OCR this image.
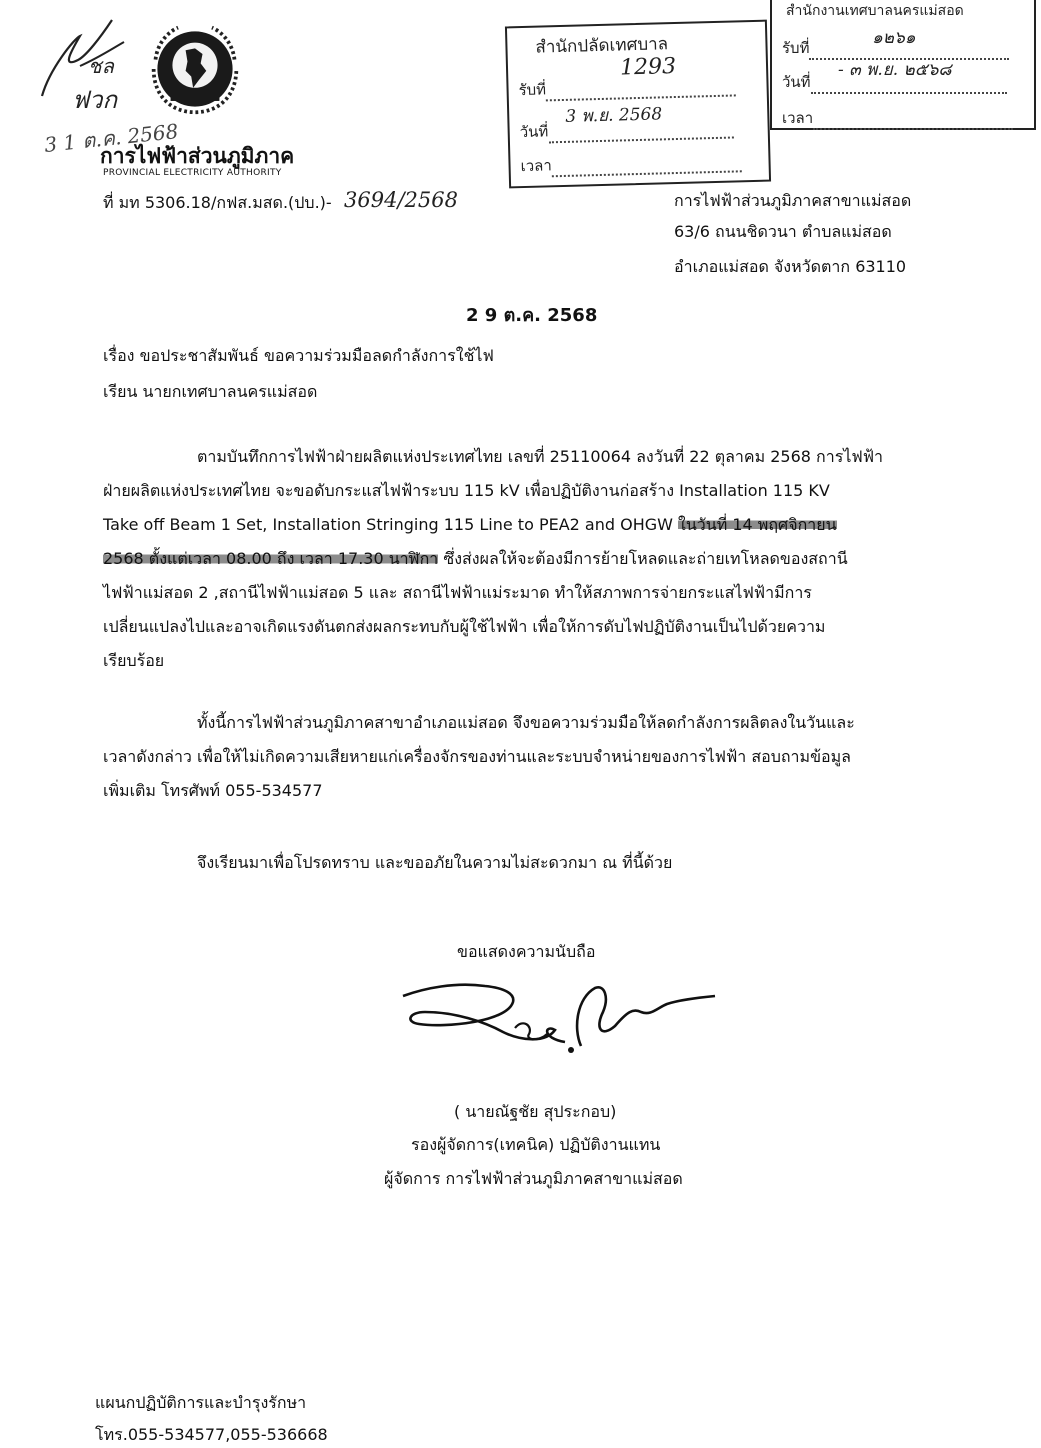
ชล
ฟวก
3 1 ต.ค. 2568
การไฟฟ้าส่วนภูมิภาค
PROVINCIAL ELECTRICITY AUTHORITY
ที่ มท 5306.18/กฟส.มสด.(ปบ.)- 3694/2568
สำนักปลัดเทศบาล
รับที่
1293
วันที่
3 พ.ย. 2568
เวลา
สำนักงานเทศบาลนครแม่สอด
รับที่	๑๒๖๑
วันที่
- ๓ พ.ย. ๒๕๖๘
เวลา
การไฟฟ้าส่วนภูมิภาคสาขาแม่สอด
63/6 ถนนชิดวนา ตำบลแม่สอด
อำเภอแม่สอด จังหวัดตาก 63110
2 9 ต.ค. 2568
เรื่อง ขอประชาสัมพันธ์ ขอความร่วมมือลดกำลังการใช้ไฟ
เรียน นายกเทศบาลนครแม่สอด
ตามบันทึกการไฟฟ้าฝ่ายผลิตแห่งประเทศไทย เลขที่ 25110064 ลงวันที่ 22 ตุลาคม 2568 การไฟฟ้า
ฝ่ายผลิตแห่งประเทศไทย จะขอดับกระแสไฟฟ้าระบบ 115 kV เพื่อปฏิบัติงานก่อสร้าง Installation 115 KV
Take off Beam 1 Set, Installation Stringing 115 Line to PEA2 and OHGW ในวันที่ 14 พฤศจิกายน
2568 ตั้งแต่เวลา 08.00 ถึง เวลา 17.30 นาฬิกา ซึ่งส่งผลให้จะต้องมีการย้ายโหลดและถ่ายเทโหลดของสถานี
ไฟฟ้าแม่สอด 2 ,สถานีไฟฟ้าแม่สอด 5 และ สถานีไฟฟ้าแม่ระมาด ทำให้สภาพการจ่ายกระแสไฟฟ้ามีการ
เปลี่ยนแปลงไปและอาจเกิดแรงดันตกส่งผลกระทบกับผู้ใช้ไฟฟ้า เพื่อให้การดับไฟปฏิบัติงานเป็นไปด้วยความ
เรียบร้อย
ทั้งนี้การไฟฟ้าส่วนภูมิภาคสาขาอำเภอแม่สอด จึงขอความร่วมมือให้ลดกำลังการผลิตลงในวันและ
เวลาดังกล่าว เพื่อให้ไม่เกิดความเสียหายแก่เครื่องจักรของท่านและระบบจำหน่ายของการไฟฟ้า สอบถามข้อมูล
เพิ่มเติม โทรศัพท์ 055-534577
จึงเรียนมาเพื่อโปรดทราบ และขออภัยในความไม่สะดวกมา ณ ที่นี้ด้วย
ขอแสดงความนับถือ
( นายณัฐชัย สุประกอบ)
รองผู้จัดการ(เทคนิค) ปฏิบัติงานแทน
ผู้จัดการ การไฟฟ้าส่วนภูมิภาคสาขาแม่สอด
แผนกปฏิบัติการและบำรุงรักษา
โทร.055-534577,055-536668
